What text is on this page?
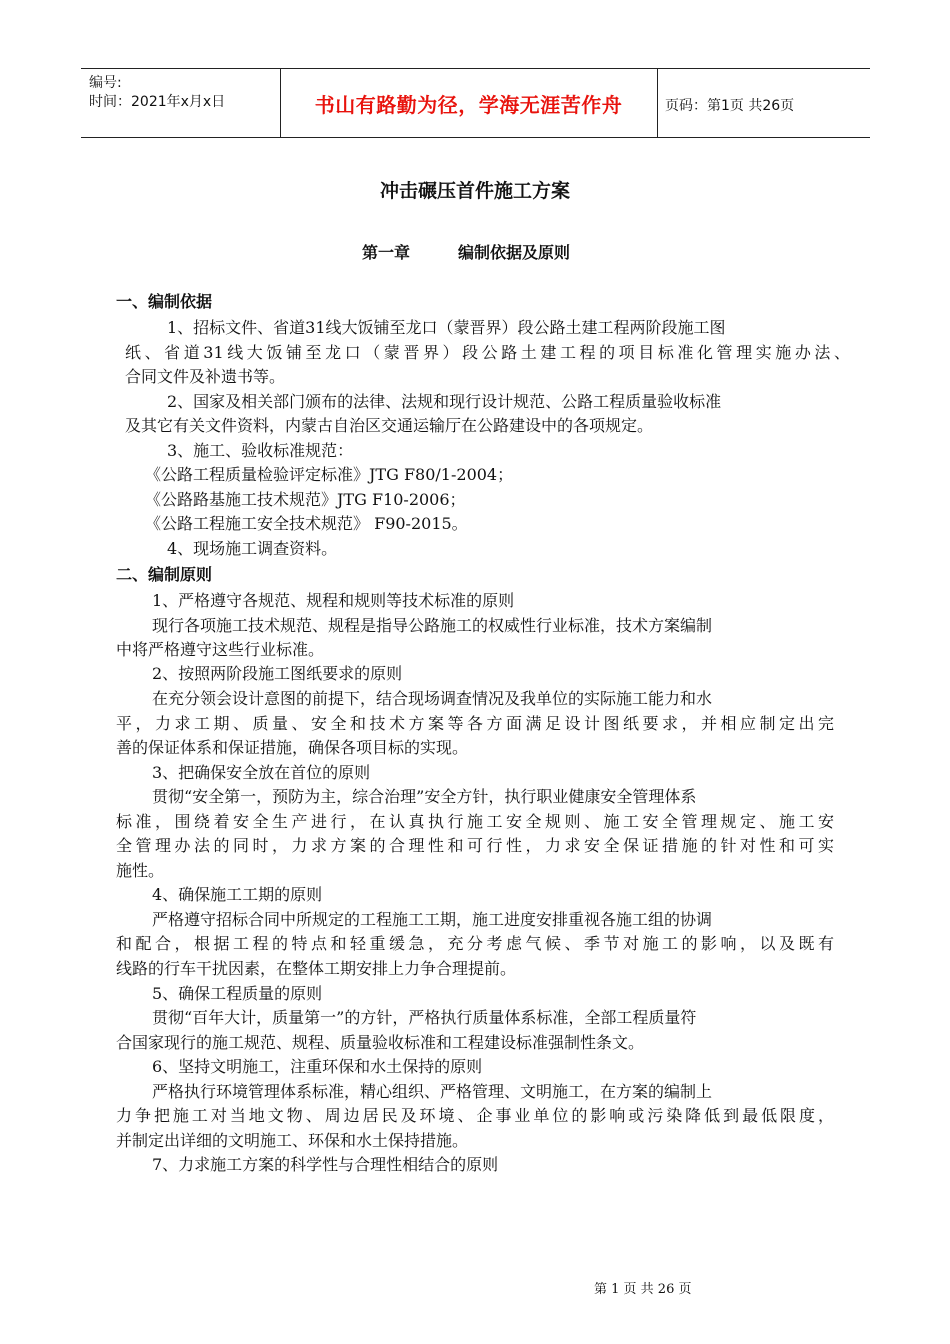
编号:
时间：2021年x月x日	书山有路勤为径，学海无涯苦作舟	页码：第1页 共26页
冲击碾压首件施工方案
第一章	编制依据及原则
一、编制依据
1、招标文件、省道31线大饭铺至龙口（蒙晋界）段公路土建工程两阶段施工图
纸、省道31线大饭铺至龙口（蒙晋界）段公路土建工程的项目标准化管理实施办法、
合同文件及补遗书等。
2、国家及相关部门颁布的法律、法规和现行设计规范、公路工程质量验收标准
及其它有关文件资料，内蒙古自治区交通运输厅在公路建设中的各项规定。
3、施工、验收标准规范：
《公路工程质量检验评定标准》JTG F80/1-2004；
《公路路基施工技术规范》JTG F10-2006；
《公路工程施工安全技术规范》 F90-2015。
4、现场施工调查资料。
二、编制原则
1、严格遵守各规范、规程和规则等技术标准的原则
现行各项施工技术规范、规程是指导公路施工的权威性行业标准，技术方案编制
中将严格遵守这些行业标准。
2、按照两阶段施工图纸要求的原则
在充分领会设计意图的前提下，结合现场调查情况及我单位的实际施工能力和水
平，力求工期、质量、安全和技术方案等各方面满足设计图纸要求，并相应制定出完
善的保证体系和保证措施，确保各项目标的实现。
3、把确保安全放在首位的原则
贯彻“安全第一，预防为主，综合治理”安全方针，执行职业健康安全管理体系
标准，围绕着安全生产进行，在认真执行施工安全规则、施工安全管理规定、施工安
全管理办法的同时，力求方案的合理性和可行性，力求安全保证措施的针对性和可实
施性。
4、确保施工工期的原则
严格遵守招标合同中所规定的工程施工工期，施工进度安排重视各施工组的协调
和配合，根据工程的特点和轻重缓急，充分考虑气候、季节对施工的影响，以及既有
线路的行车干扰因素，在整体工期安排上力争合理提前。
5、确保工程质量的原则
贯彻“百年大计，质量第一”的方针，严格执行质量体系标准，全部工程质量符
合国家现行的施工规范、规程、质量验收标准和工程建设标准强制性条文。
6、坚持文明施工，注重环保和水土保持的原则
严格执行环境管理体系标准，精心组织、严格管理、文明施工，在方案的编制上
力争把施工对当地文物、周边居民及环境、企事业单位的影响或污染降低到最低限度，
并制定出详细的文明施工、环保和水土保持措施。
7、力求施工方案的科学性与合理性相结合的原则
第 1 页 共 26 页
